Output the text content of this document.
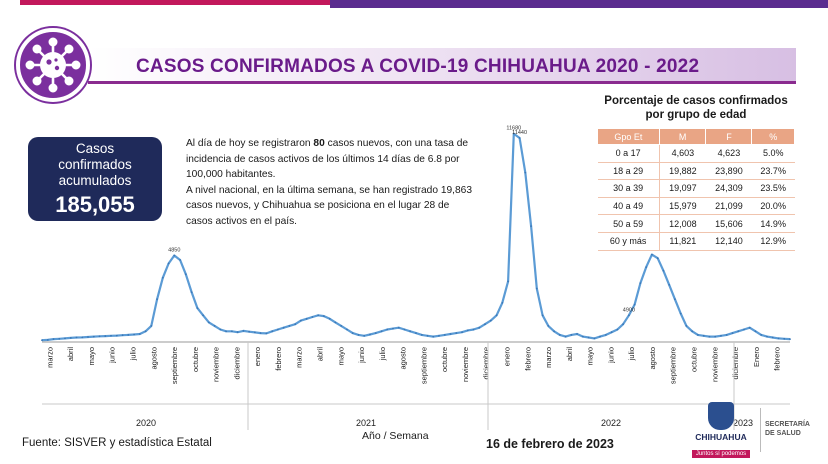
CASOS CONFIRMADOS A COVID-19 CHIHUAHUA 2020 - 2022
Casos
confirmados
acumulados
185,055
Al día de hoy se registraron 80 casos nuevos, con una tasa de incidencia de casos activos de los últimos 14 días de 6.8 por 100,000 habitantes.
A nivel nacional, en la última semana, se han registrado 19,863 casos nuevos, y Chihuahua se posiciona en el lugar 28 de casos activos en el país.
Porcentaje de casos confirmados
por grupo de edad
Gpo Et	M	F	%
0 a 17	4,603	4,623	5.0%
18 a 29	19,882	23,890	23.7%
30 a 39	19,097	24,309	23.5%
40 a 49	15,979	21,099	20.0%
50 a 59	12,008	15,606	14.9%
60 y más	11,821	12,140	12.9%
4850
11680
11440
4900
marzo abril mayo junio julio agosto septiembre octubre noviembre diciembre enero febrero marzo abril mayo junio julio agosto septiembre octubre noviembre diciembre enero febrero marzo abril mayo junio julio agosto septiembre octubre noviembre diciembre Enero febrero
2020	2021	2022	2023
Fuente: SISVER y estadística Estatal
Año / Semana
16 de febrero de 2023	CHIHUAHUA
Juntos sí podemos
SECRETARÍA
DE SALUD
